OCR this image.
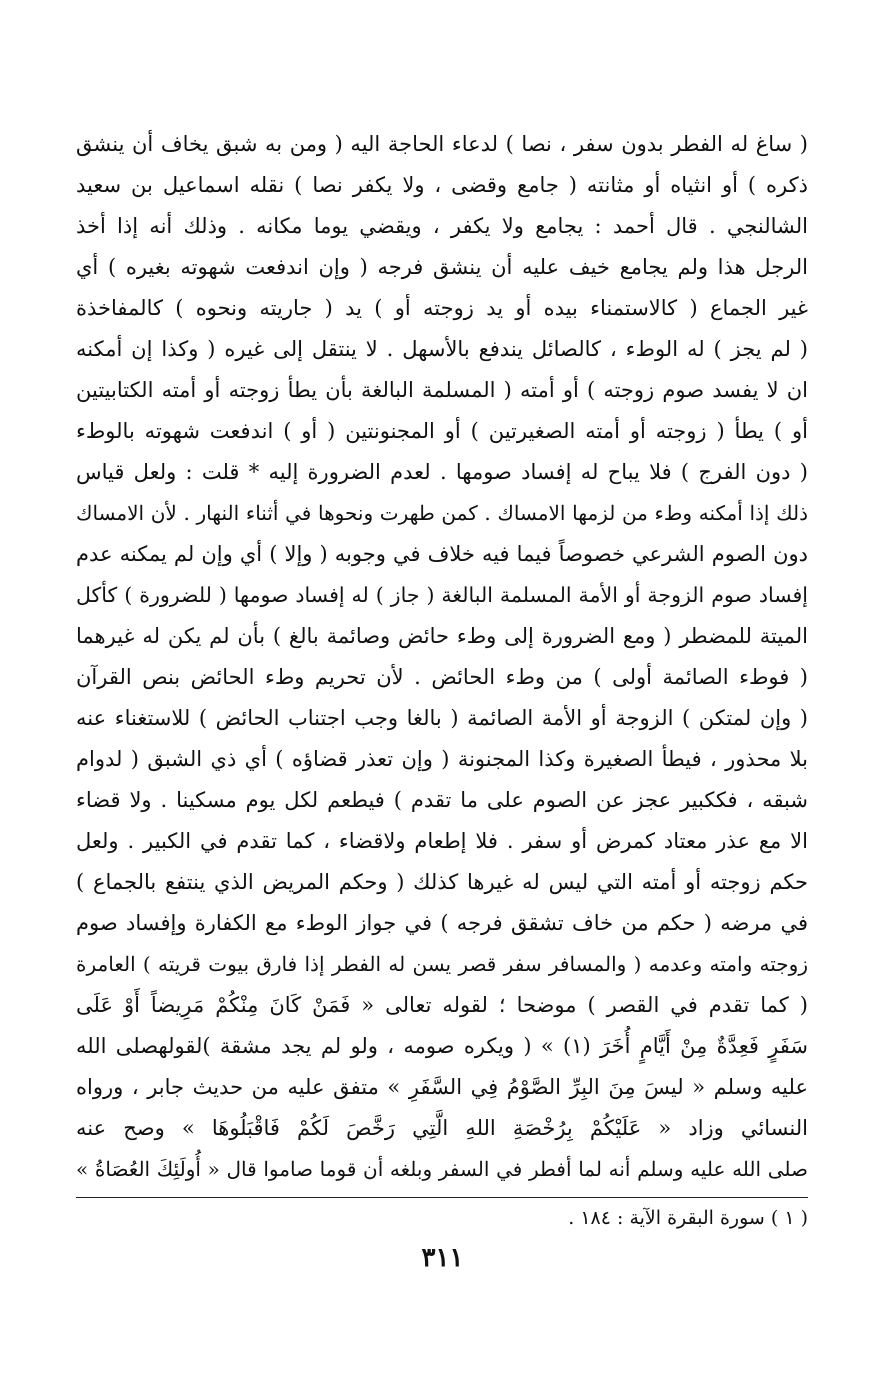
( ساغ له الفطر بدون سفر ، نصا ) لدعاء الحاجة اليه ( ومن به شبق يخاف أن ينشق
ذكره ) أو انثياه أو مثانته ( جامع وقضى ، ولا يكفر نصا ) نقله اسماعيل بن سعيد
الشالنجي . قال أحمد : يجامع ولا يكفر ، ويقضي يوما مكانه . وذلك أنه إذا أخذ
الرجل هذا ولم يجامع خيف عليه أن ينشق فرجه ( وإن اندفعت شهوته بغيره ) أي
غير الجماع ( كالاستمناء بيده أو يد زوجته أو ) يد ( جاريته ونحوه ) كالمفاخذة
( لم يجز ) له الوطء ، كالصائل يندفع بالأسهل . لا ينتقل إلى غيره ( وكذا إن أمكنه
ان لا يفسد صوم زوجته ) أو أمته ( المسلمة البالغة بأن يطأ زوجته أو أمته الكتابيتين
أو ) يطأ ( زوجته أو أمته الصغيرتين ) أو المجنونتين ( أو ) اندفعت شهوته بالوطء
( دون الفرج ) فلا يباح له إفساد صومها . لعدم الضرورة إليه * قلت : ولعل قياس
ذلك إذا أمكنه وطء من لزمها الامساك . كمن طهرت ونحوها في أثناء النهار . لأن الامساك
دون الصوم الشرعي خصوصاً فيما فيه خلاف في وجوبه ( وإلا ) أي وإن لم يمكنه عدم
إفساد صوم الزوجة أو الأمة المسلمة البالغة ( جاز ) له إفساد صومها ( للضرورة ) كأكل
الميتة للمضطر ( ومع الضرورة إلى وطء حائض وصائمة بالغ ) بأن لم يكن له غيرهما
( فوطء الصائمة أولى ) من وطء الحائض . لأن تحريم وطء الحائض بنص القرآن
( وإن لمتكن ) الزوجة أو الأمة الصائمة ( بالغا وجب اجتناب الحائض ) للاستغناء عنه
بلا محذور ، فيطأ الصغيرة وكذا المجنونة ( وإن تعذر قضاؤه ) أي ذي الشبق ( لدوام
شبقه ، فككبير عجز عن الصوم على ما تقدم ) فيطعم لكل يوم مسكينا . ولا قضاء
الا مع عذر معتاد كمرض أو سفر . فلا إطعام ولاقضاء ، كما تقدم في الكبير . ولعل
حكم زوجته أو أمته التي ليس له غيرها كذلك ( وحكم المريض الذي ينتفع بالجماع )
في مرضه ( حكم من خاف تشقق فرجه ) في جواز الوطء مع الكفارة وإفساد صوم
زوجته وامته وعدمه ( والمسافر سفر قصر يسن له الفطر إذا فارق بيوت قريته ) العامرة
( كما تقدم في القصر ) موضحا ؛ لقوله تعالى « فَمَنْ كَانَ مِنْكُمْ مَرِيضاً أَوْ عَلَى
سَفَرٍ فَعِدَّةٌ مِنْ أَيَّامٍ أُخَرَ (١) » ( ويكره صومه ، ولو لم يجد مشقة )لقولهصلى الله
عليه وسلم « ليسَ مِنَ البِرِّ الصَّوْمُ فِي السَّفَرِ » متفق عليه من حديث جابر ، ورواه
النسائي وزاد « عَلَيْكُمْ بِرُخْصَةِ اللهِ الَّتِي رَخَّصَ لَكُمْ فَاقْبَلُوهَا » وصح عنه
صلى الله عليه وسلم أنه لما أفطر في السفر وبلغه أن قوما صاموا قال « أُولَئِكَ العُصَاةُ »
( ١ ) سورة البقرة الآية : ١٨٤ .
٣١١
